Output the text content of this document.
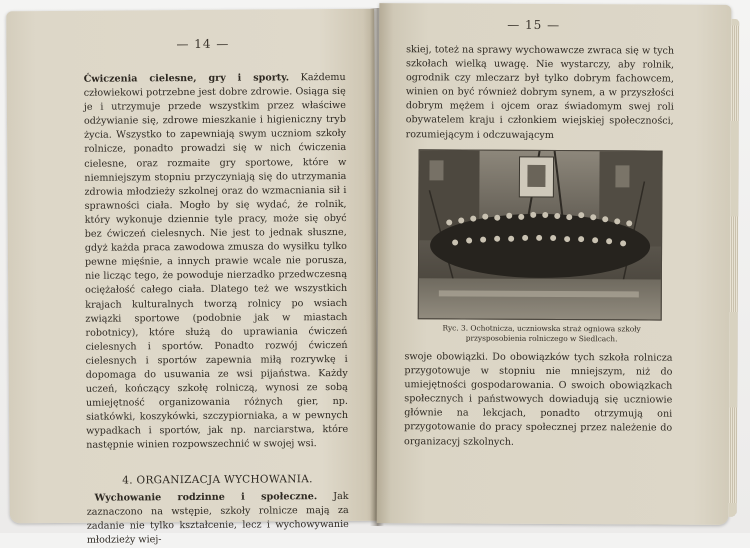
— 14 —

Ćwiczenia cielesne, gry i sporty. Każdemu człowiekowi potrzebne jest dobre zdrowie. Osiąga się je i utrzymuje przede wszystkim przez właściwe odżywianie się, zdrowe mieszkanie i higieniczny tryb życia. Wszystko to zapewniają swym uczniom szkoły rolnicze, ponadto prowadzi się w nich ćwiczenia cielesne, oraz rozmaite gry sportowe, które w niemniejszym stopniu przyczyniają się do utrzymania zdrowia młodzieży szkolnej oraz do wzmacniania sił i sprawności ciała. Mogło by się wydać, że rolnik, który wykonuje dziennie tyle pracy, może się obyć bez ćwiczeń cielesnych. Nie jest to jednak słuszne, gdyż każda praca zawodowa zmusza do wysiłku tylko pewne mięśnie, a innych prawie wcale nie porusza, nie licząc tego, że powoduje nierzadko przedwczesną ociężałość całego ciała. Dlatego też we wszystkich krajach kulturalnych tworzą rolnicy po wsiach związki sportowe (podobnie jak w miastach robotnicy), które służą do uprawiania ćwiczeń cielesnych i sportów. Ponadto rozwój ćwiczeń cielesnych i sportów zapewnia miłą rozrywkę i dopomaga do usuwania ze wsi pijaństwa. Każdy uczeń, kończący szkołę rolniczą, wynosi ze sobą umiejętność organizowania różnych gier, np. siatkówki, koszykówki, szczypiorniaka, a w pewnych wypadkach i sportów, jak np. narciarstwa, które następnie winien rozpowszechnić w swojej wsi.

4. ORGANIZACJA WYCHOWANIA.

Wychowanie rodzinne i społeczne. Jak zaznaczono na wstępie, szkoły rolnicze mają za zadanie nie tylko kształcenie, lecz i wychowywanie młodzieży wiej-

— 15 —

skiej, toteż na sprawy wychowawcze zwraca się w tych szkołach wielką uwagę. Nie wystarczy, aby rolnik, ogrodnik czy mleczarz był tylko dobrym fachowcem, winien on być również dobrym synem, a w przyszłości dobrym mężem i ojcem oraz świadomym swej roli obywatelem kraju i członkiem wiejskiej społeczności, rozumiejącym i odczuwającym

Ryc. 3. Ochotnicza, uczniowska straż ogniowa szkoły przysposobienia rolniczego w Siedlcach.

swoje obowiązki. Do obowiązków tych szkoła rolnicza przygotowuje w stopniu nie mniejszym, niż do umiejętności gospodarowania. O swoich obowiązkach społecznych i państwowych dowiadują się uczniowie głównie na lekcjach, ponadto otrzymują oni przygotowanie do pracy społecznej przez należenie do organizacyj szkolnych.
